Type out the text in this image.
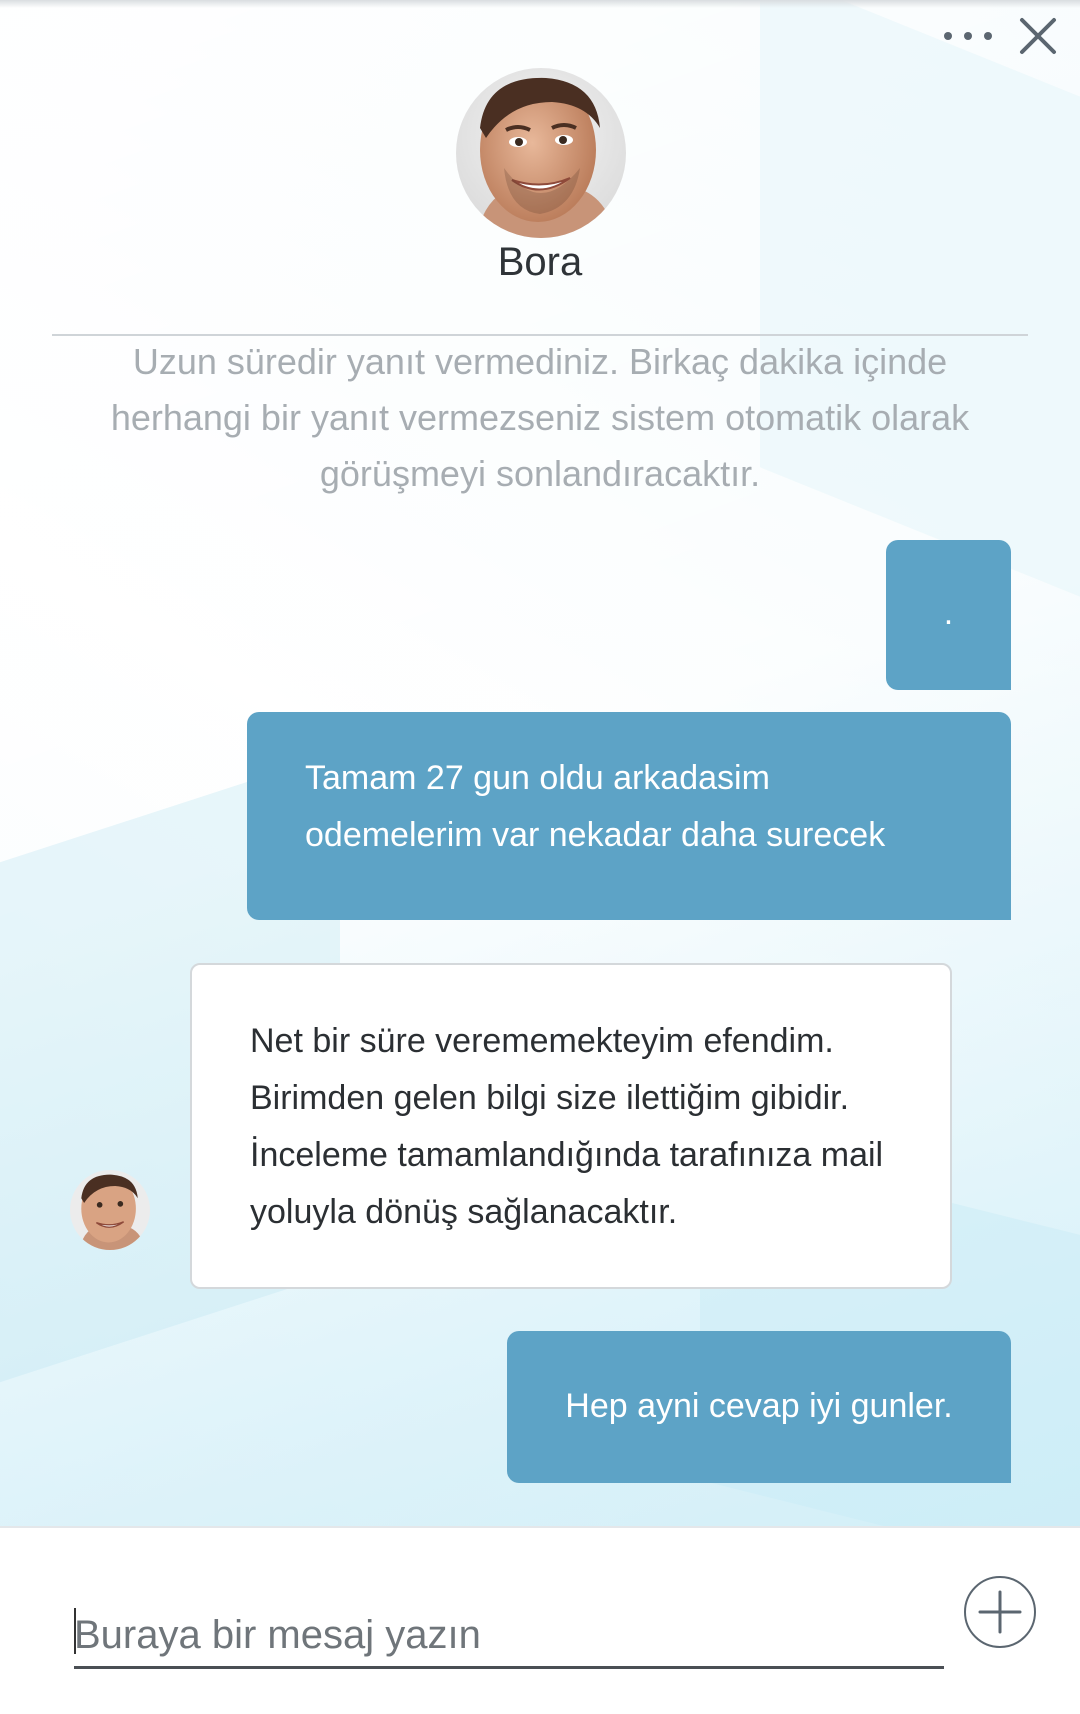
Bora
Uzun süredir yanıt vermediniz. Birkaç dakika içinde herhangi bir yanıt vermezseniz sistem otomatik olarak görüşmeyi sonlandıracaktır.
.
Tamam 27 gun oldu arkadasim odemelerim var nekadar daha surecek
Net bir süre verememekteyim efendim. Birimden gelen bilgi size ilettiğim gibidir. İnceleme tamamlandığında tarafınıza mail yoluyla dönüş sağlanacaktır.
Hep ayni cevap iyi gunler.
Buraya bir mesaj yazın
